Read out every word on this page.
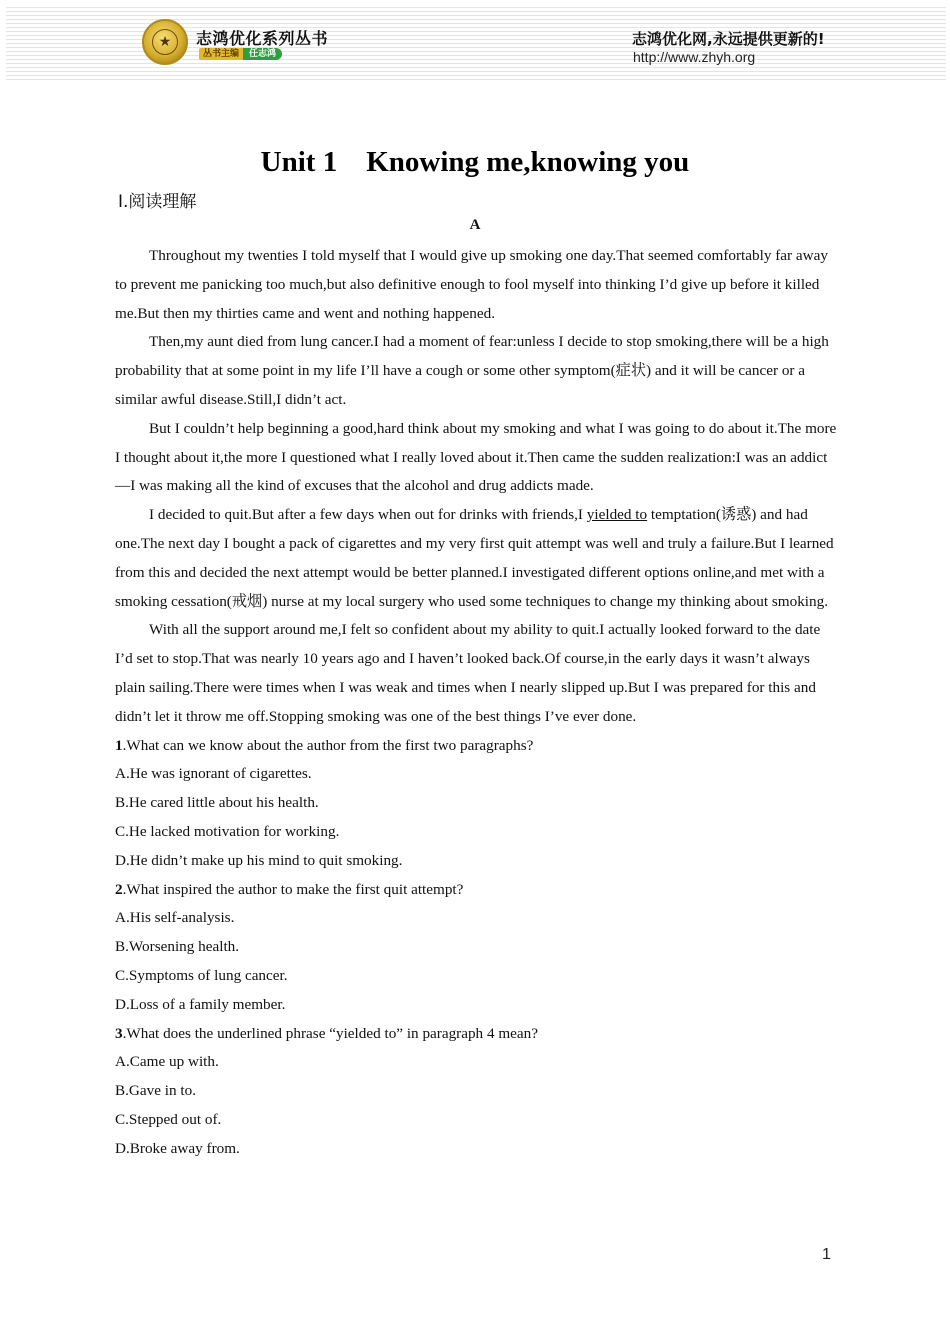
★	志鸿优化系列丛书
丛书主编	任志鸿
志鸿优化网,永远提供更新的!
http://www.zhyh.org
Unit 1　Knowing me,knowing you
Ⅰ.阅读理解
A

Throughout my twenties I told myself that I would give up smoking one day.That seemed comfortably far away to prevent me panicking too much,but also definitive enough to fool myself into thinking I’d give up before it killed me.But then my thirties came and went and nothing happened.

Then,my aunt died from lung cancer.I had a moment of fear:unless I decide to stop smoking,there will be a high probability that at some point in my life I’ll have a cough or some other symptom(症状) and it will be cancer or a similar awful disease.Still,I didn’t act.

But I couldn’t help beginning a good,hard think about my smoking and what I was going to do about it.The more I thought about it,the more I questioned what I really loved about it.Then came the sudden realization:I was an addict—I was making all the kind of excuses that the alcohol and drug addicts made.

I decided to quit.But after a few days when out for drinks with friends,I yielded to temptation(诱惑) and had one.The next day I bought a pack of cigarettes and my very first quit attempt was well and truly a failure.But I learned from this and decided the next attempt would be better planned.I investigated different options online,and met with a smoking cessation(戒烟) nurse at my local surgery who used some techniques to change my thinking about smoking.

With all the support around me,I felt so confident about my ability to quit.I actually looked forward to the date I’d set to stop.That was nearly 10 years ago and I haven’t looked back.Of course,in the early days it wasn’t always plain sailing.There were times when I was weak and times when I nearly slipped up.But I was prepared for this and didn’t let it throw me off.Stopping smoking was one of the best things I’ve ever done.

1.What can we know about the author from the first two paragraphs?

A.He was ignorant of cigarettes.

B.He cared little about his health.

C.He lacked motivation for working.

D.He didn’t make up his mind to quit smoking.

2.What inspired the author to make the first quit attempt?

A.His self-analysis.

B.Worsening health.

C.Symptoms of lung cancer.

D.Loss of a family member.

3.What does the underlined phrase “yielded to” in paragraph 4 mean?

A.Came up with.

B.Gave in to.

C.Stepped out of.

D.Broke away from.

1
